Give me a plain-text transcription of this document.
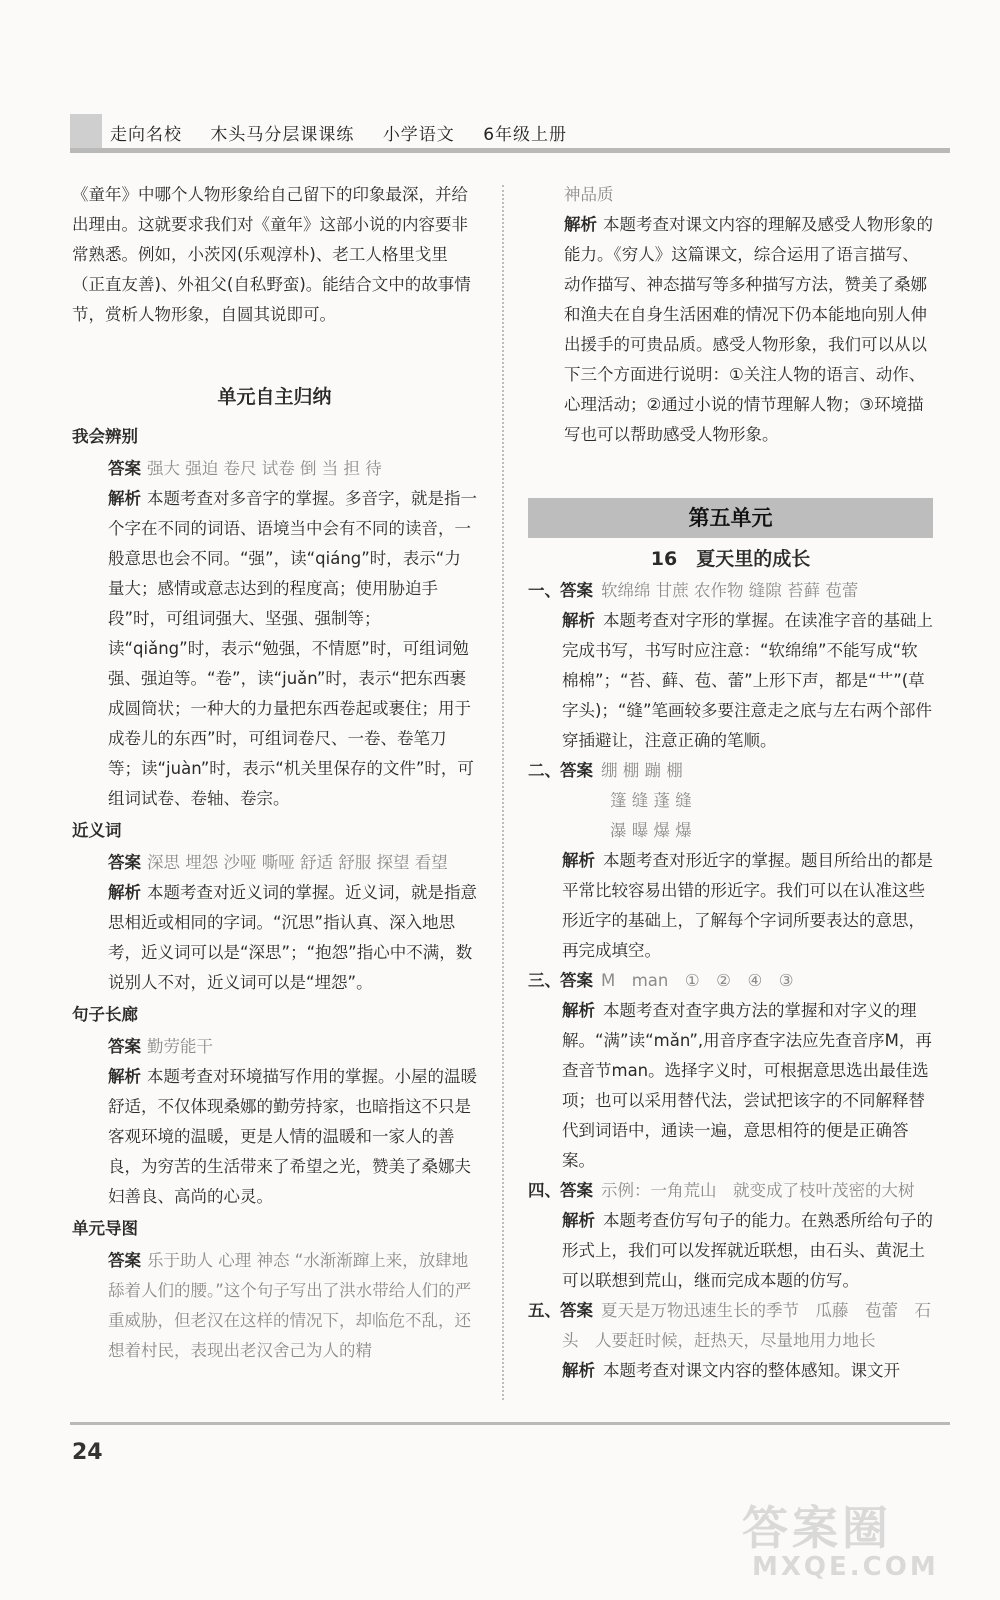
走向名校 木头马分层课课练 小学语文 6年级上册

《童年》中哪个人物形象给自己留下的印象最深，并给出理由。这就要求我们对《童年》这部小说的内容要非常熟悉。例如，小茨冈(乐观淳朴)、老工人格里戈里（正直友善)、外祖父(自私野蛮)。能结合文中的故事情节，赏析人物形象，自圆其说即可。

单元自主归纳
我会辨别

答案 强大 强迫 卷尺 试卷 倒 当 担 待

解析 本题考查对多音字的掌握。多音字，就是指一个字在不同的词语、语境当中会有不同的读音，一般意思也会不同。“强”，读“qiáng”时，表示“力量大；感情或意志达到的程度高；使用胁迫手段”时，可组词强大、坚强、强制等；读“qiǎng”时，表示“勉强，不情愿”时，可组词勉强、强迫等。“卷”，读“juǎn”时，表示“把东西裹成圆筒状；一种大的力量把东西卷起或裹住；用于成卷儿的东西”时，可组词卷尺、一卷、卷笔刀等；读“juàn”时，表示“机关里保存的文件”时，可组词试卷、卷轴、卷宗。

近义词

答案 深思 埋怨 沙哑 嘶哑 舒适 舒服 探望 看望

解析 本题考查对近义词的掌握。近义词，就是指意思相近或相同的字词。“沉思”指认真、深入地思考，近义词可以是“深思”；“抱怨”指心中不满，数说别人不对，近义词可以是“埋怨”。

句子长廊

答案 勤劳能干

解析 本题考查对环境描写作用的掌握。小屋的温暖舒适，不仅体现桑娜的勤劳持家，也暗指这不只是客观环境的温暖，更是人情的温暖和一家人的善良，为穷苦的生活带来了希望之光，赞美了桑娜夫妇善良、高尚的心灵。

单元导图

答案 乐于助人 心理 神态 “水渐渐蹿上来，放肆地舔着人们的腰。”这个句子写出了洪水带给人们的严重威胁，但老汉在这样的情况下，却临危不乱，还想着村民，表现出老汉舍己为人的精

神品质

解析 本题考查对课文内容的理解及感受人物形象的能力。《穷人》这篇课文，综合运用了语言描写、动作描写、神态描写等多种描写方法，赞美了桑娜和渔夫在自身生活困难的情况下仍本能地向别人伸出援手的可贵品质。感受人物形象，我们可以从以下三个方面进行说明：①关注人物的语言、动作、心理活动；②通过小说的情节理解人物；③环境描写也可以帮助感受人物形象。

第五单元
16　夏天里的成长

一、答案 软绵绵 甘蔗 农作物 缝隙 苔藓 苞蕾

解析 本题考查对字形的掌握。在读准字音的基础上完成书写，书写时应注意：“软绵绵”不能写成“软棉棉”；“苔、藓、苞、蕾”上形下声，都是“艹”(草字头)；“缝”笔画较多要注意走之底与左右两个部件穿插避让，注意正确的笔顺。

二、答案 绷 棚 蹦 棚

篷 缝 蓬 缝

瀑 曝 爆 爆

解析 本题考查对形近字的掌握。题目所给出的都是平常比较容易出错的形近字。我们可以在认准这些形近字的基础上，了解每个字词所要表达的意思，再完成填空。

三、答案 M　man　①　②　④　③

解析 本题考查对查字典方法的掌握和对字义的理解。“满”读“mǎn”,用音序查字法应先查音序M，再查音节man。选择字义时，可根据意思选出最佳选项；也可以采用替代法，尝试把该字的不同解释替代到词语中，通读一遍，意思相符的便是正确答案。

四、答案 示例：一角荒山　就变成了枝叶茂密的大树

解析 本题考查仿写句子的能力。在熟悉所给句子的形式上，我们可以发挥就近联想，由石头、黄泥土可以联想到荒山，继而完成本题的仿写。

五、答案 夏天是万物迅速生长的季节　瓜藤　苞蕾　石头　人要赶时候，赶热天，尽量地用力地长

解析 本题考查对课文内容的整体感知。课文开

24
答案圈
MXQE.COM
